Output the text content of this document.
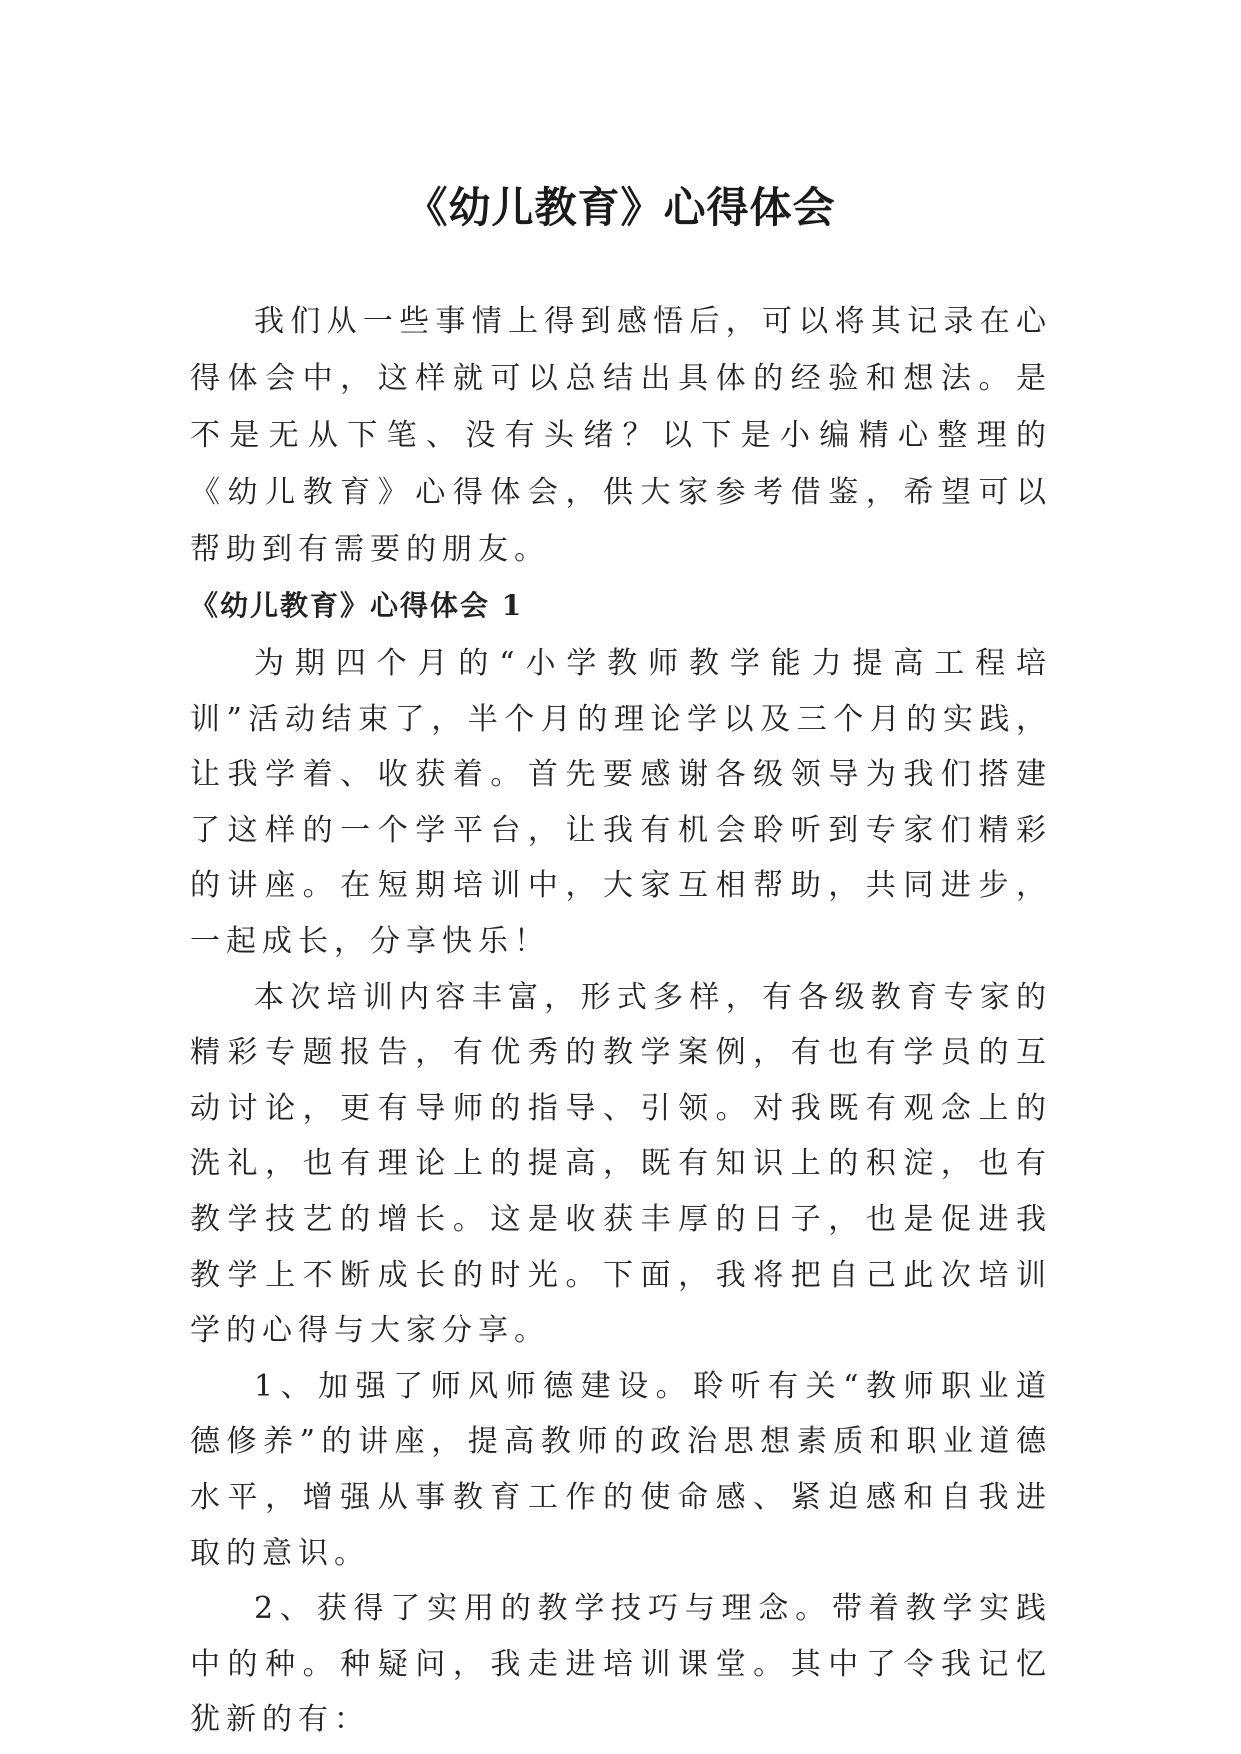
《幼儿教育》心得体会

我们从一些事情上得到感悟后，可以将其记录在心得体会中，这样就可以总结出具体的经验和想法。是不是无从下笔、没有头绪？以下是小编精心整理的《幼儿教育》心得体会，供大家参考借鉴，希望可以帮助到有需要的朋友。

《幼儿教育》心得体会 1

为期四个月的“小学教师教学能力提高工程培训”活动结束了，半个月的理论学以及三个月的实践，让我学着、收获着。首先要感谢各级领导为我们搭建了这样的一个学平台，让我有机会聆听到专家们精彩的讲座。在短期培训中，大家互相帮助，共同进步，一起成长，分享快乐！

本次培训内容丰富，形式多样，有各级教育专家的精彩专题报告，有优秀的教学案例，有也有学员的互动讨论，更有导师的指导、引领。对我既有观念上的洗礼，也有理论上的提高，既有知识上的积淀，也有教学技艺的增长。这是收获丰厚的日子，也是促进我教学上不断成长的时光。下面，我将把自己此次培训学的心得与大家分享。

1、加强了师风师德建设。聆听有关“教师职业道德修养”的讲座，提高教师的政治思想素质和职业道德水平，增强从事教育工作的使命感、紧迫感和自我进取的意识。

2、获得了实用的教学技巧与理念。带着教学实践中的种。种疑问，我走进培训课堂。其中了令我记忆犹新的有：
